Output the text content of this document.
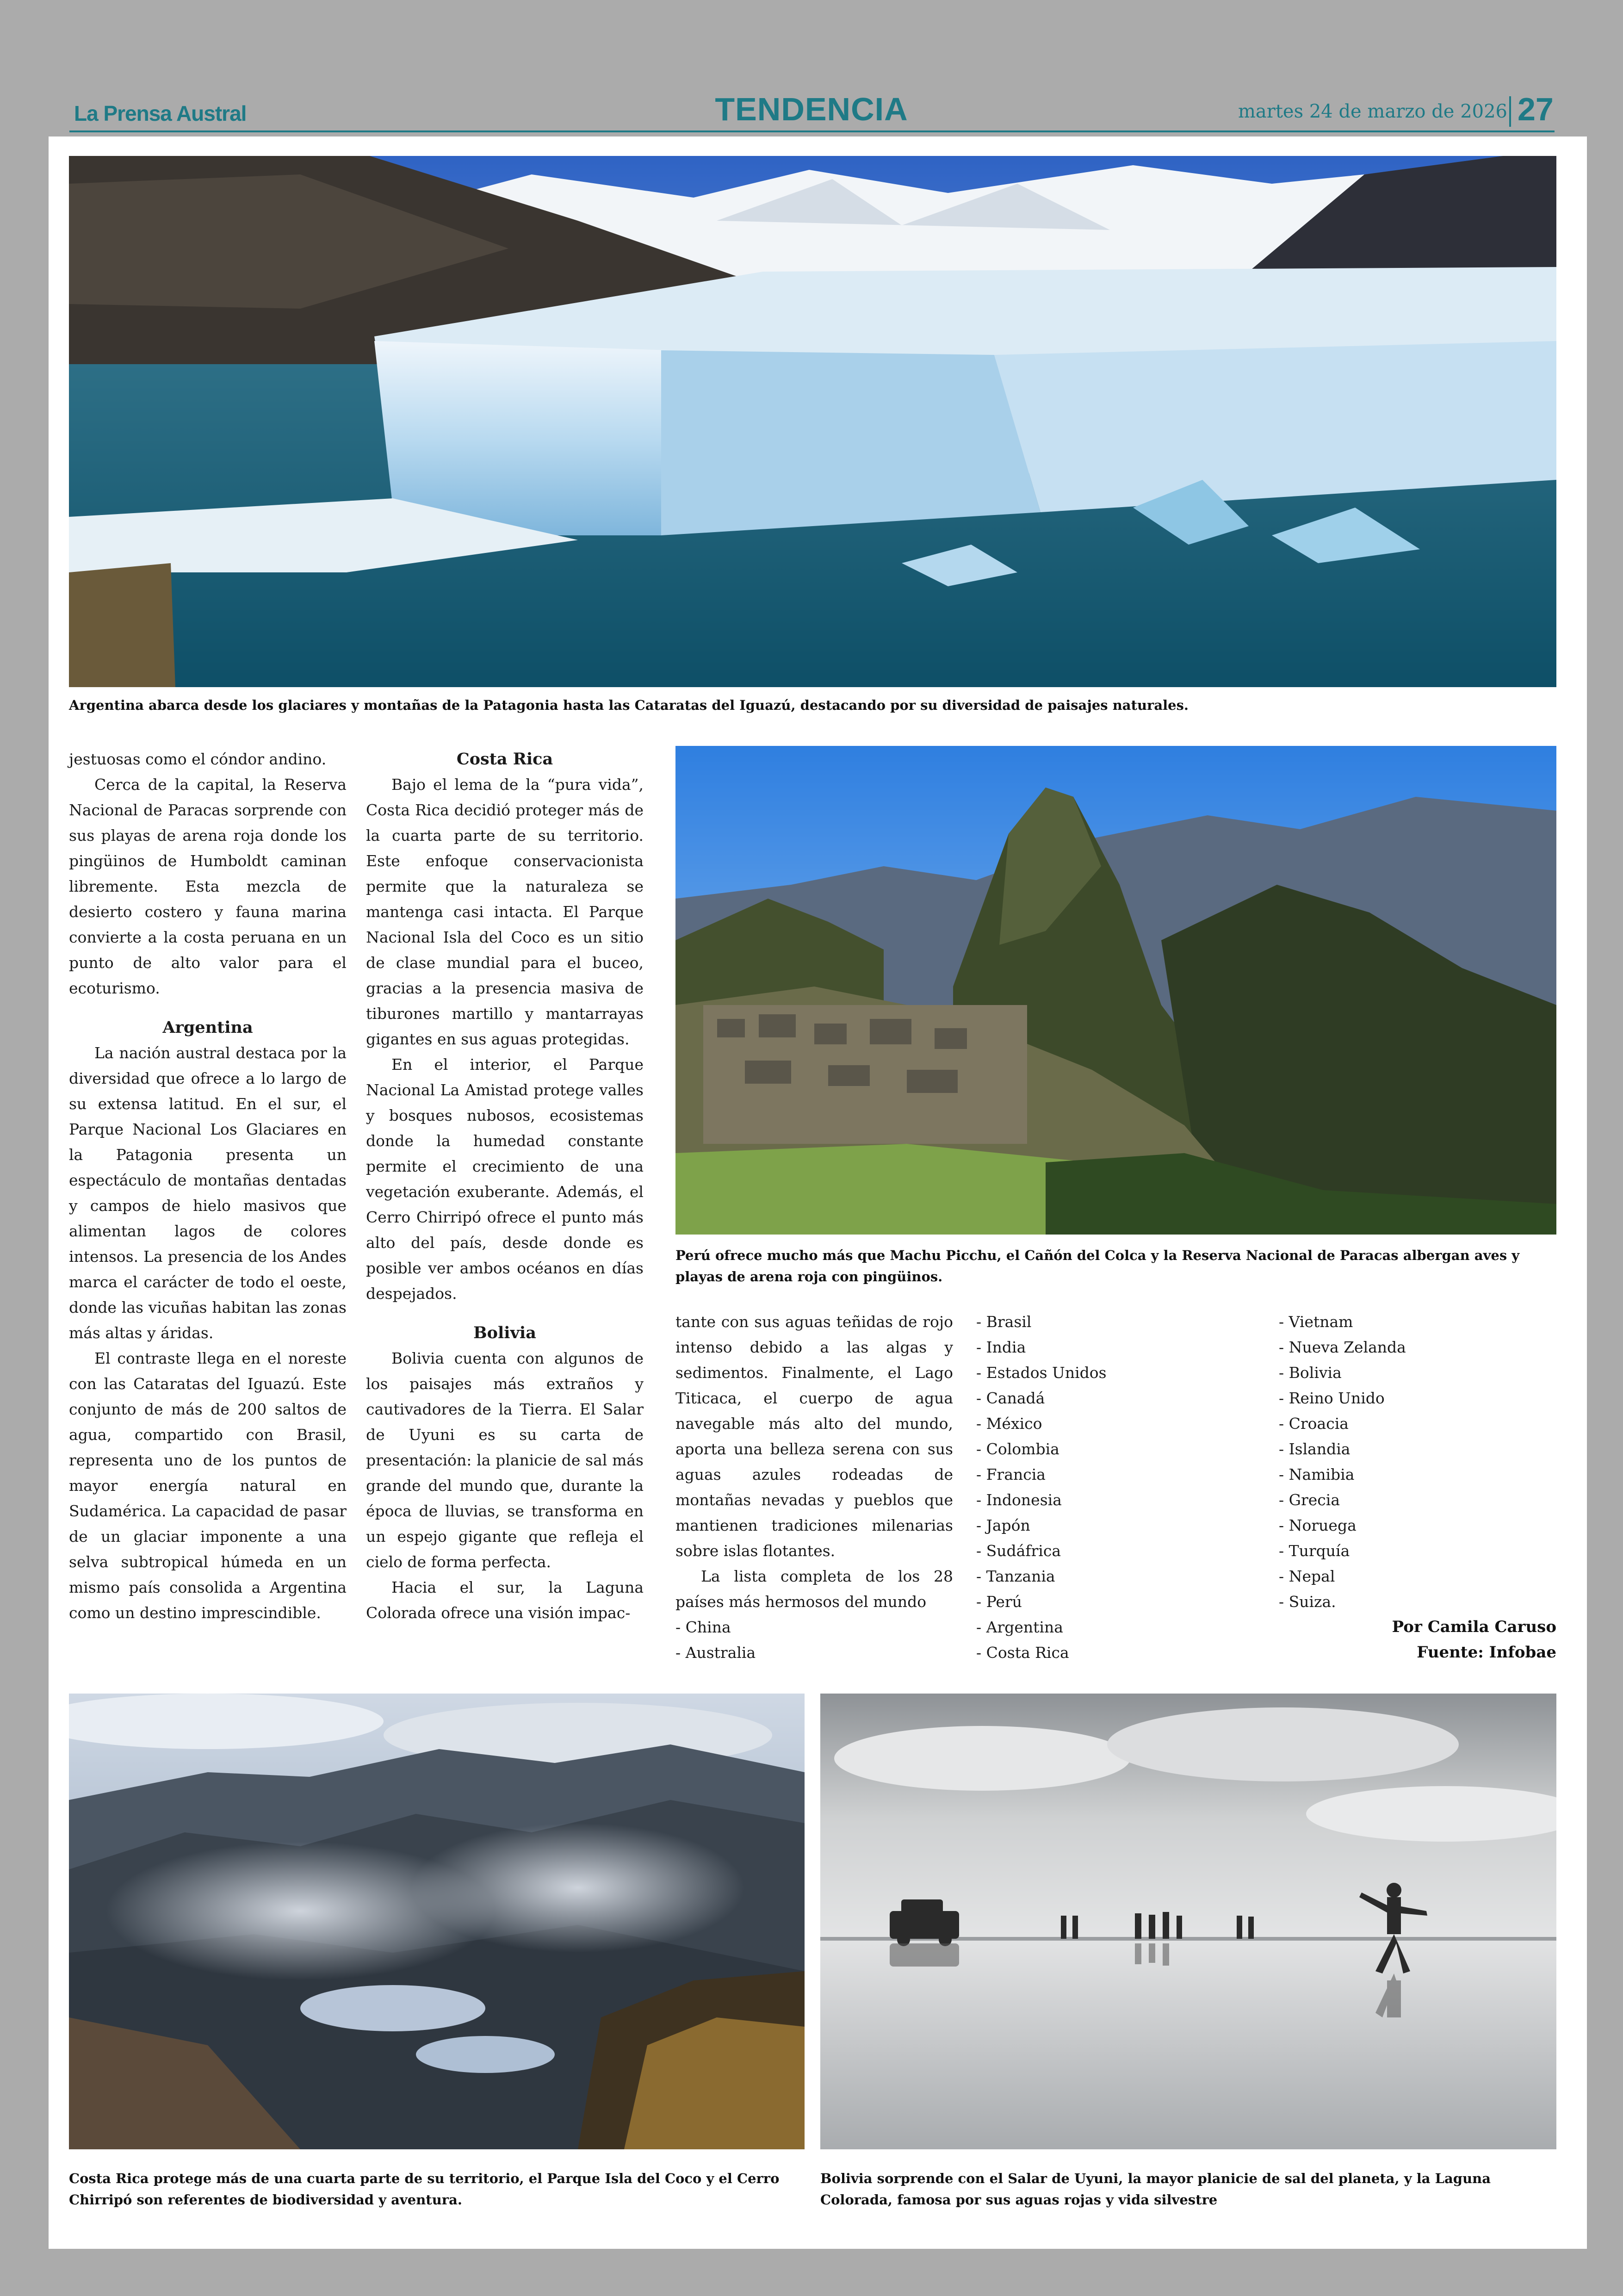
La Prensa Austral	TENDENCIA	martes 24 de marzo de 2026 27
Argentina abarca desde los glaciares y montañas de la Patagonia hasta las Cataratas del Iguazú, destacando por su diversidad de paisajes naturales.

jestuosas como el cóndor andino.

Cerca de la capital, la Reserva Nacional de Paracas sorprende con sus playas de arena roja donde los pingüinos de Humboldt caminan libremente. Esta mezcla de desierto costero y fauna marina convierte a la costa peruana en un punto de alto valor para el ecoturismo.

Argentina

La nación austral destaca por la diversidad que ofrece a lo largo de su extensa latitud. En el sur, el Parque Nacional Los Glaciares en la Patagonia presenta un espectáculo de montañas dentadas y campos de hielo masivos que alimentan lagos de colores intensos. La presencia de los Andes marca el carácter de todo el oeste, donde las vicuñas habitan las zonas más altas y áridas.

El contraste llega en el noreste con las Cataratas del Iguazú. Este conjunto de más de 200 saltos de agua, compartido con Brasil, representa uno de los puntos de mayor energía natural en Sudamérica. La capacidad de pasar de un glaciar imponente a una selva subtropical húmeda en un mismo país consolida a Argentina como un destino imprescindible.

Costa Rica

Bajo el lema de la “pura vida”, Costa Rica decidió proteger más de la cuarta parte de su territorio. Este enfoque conservacionista permite que la naturaleza se mantenga casi intacta. El Parque Nacional Isla del Coco es un sitio de clase mundial para el buceo, gracias a la presencia masiva de tiburones martillo y mantarrayas gigantes en sus aguas protegidas.

En el interior, el Parque Nacional La Amistad protege valles y bosques nubosos, ecosistemas donde la humedad constante permite el crecimiento de una vegetación exuberante. Además, el Cerro Chirripó ofrece el punto más alto del país, desde donde es posible ver ambos océanos en días despejados.

Bolivia

Bolivia cuenta con algunos de los paisajes más extraños y cautivadores de la Tierra. El Salar de Uyuni es su carta de presentación: la planicie de sal más grande del mundo que, durante la época de lluvias, se transforma en un espejo gigante que refleja el cielo de forma perfecta.

Hacia el sur, la Laguna Colorada ofrece una visión impac-

Perú ofrece mucho más que Machu Picchu, el Cañón del Colca y la Reserva Nacional de Paracas albergan aves y playas de arena roja con pingüinos.

tante con sus aguas teñidas de rojo intenso debido a las algas y sedimentos. Finalmente, el Lago Titicaca, el cuerpo de agua navegable más alto del mundo, aporta una belleza serena con sus aguas azules rodeadas de montañas nevadas y pueblos que mantienen tradiciones milenarias sobre islas flotantes.

La lista completa de los 28 países más hermosos del mundo

- China
- Australia
- Brasil
- India
- Estados Unidos
- Canadá
- México
- Colombia
- Francia
- Indonesia
- Japón
- Sudáfrica
- Tanzania
- Perú
- Argentina
- Costa Rica
- Vietnam
- Nueva Zelanda
- Bolivia
- Reino Unido
- Croacia
- Islandia
- Namibia
- Grecia
- Noruega
- Turquía
- Nepal
- Suiza.
Por Camila Caruso
Fuente: Infobae
Costa Rica protege más de una cuarta parte de su territorio, el Parque Isla del Coco y el Cerro Chirripó son referentes de biodiversidad y aventura.
Bolivia sorprende con el Salar de Uyuni, la mayor planicie de sal del planeta, y la Laguna Colorada, famosa por sus aguas rojas y vida silvestre
